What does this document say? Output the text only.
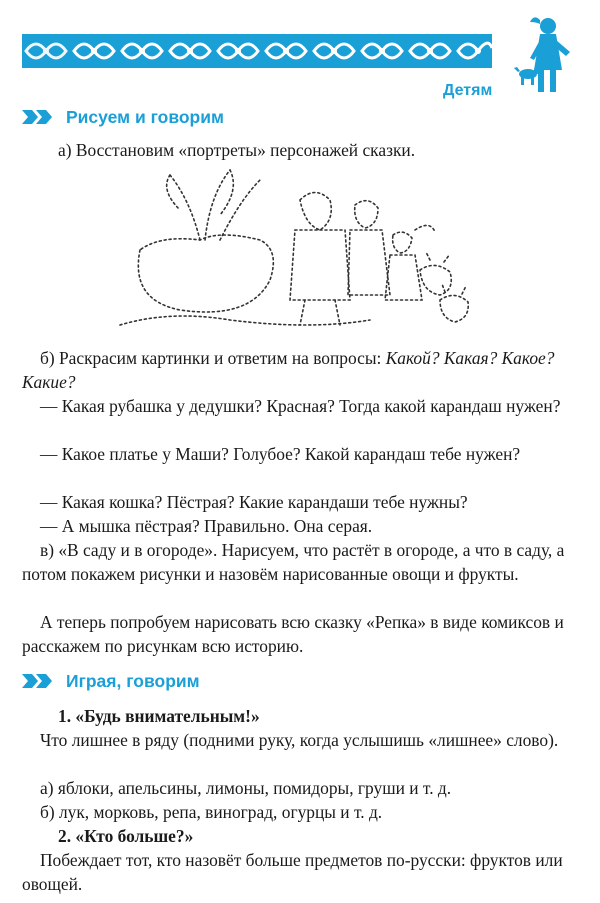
Детям
Рисуем и говорим

а) Восстановим «портреты» персонажей сказки.

б) Раскрасим картинки и ответим на вопросы: Какой? Какая? Какое? Какие?

— Какая рубашка у дедушки? Красная? Тогда какой карандаш нужен?

— Какое платье у Маши? Голубое? Какой карандаш тебе нужен?

— Какая кошка? Пёстрая? Какие карандаши тебе нужны?

— А мышка пёстрая? Правильно. Она серая.

в) «В саду и в огороде». Нарисуем, что растёт в огороде, а что в саду, а потом покажем рисунки и назовём нарисованные овощи и фрукты.

А теперь попробуем нарисовать всю сказку «Репка» в виде комиксов и расскажем по рисункам всю историю.

Играя, говорим

1. «Будь внимательным!»

Что лишнее в ряду (подними руку, когда услышишь «лишнее» слово).

а) яблоки, апельсины, лимоны, помидоры, груши и т. д.

б) лук, морковь, репа, виноград, огурцы и т. д.

2. «Кто больше?»

Побеждает тот, кто назовёт больше предметов по-русски: фруктов или овощей.
